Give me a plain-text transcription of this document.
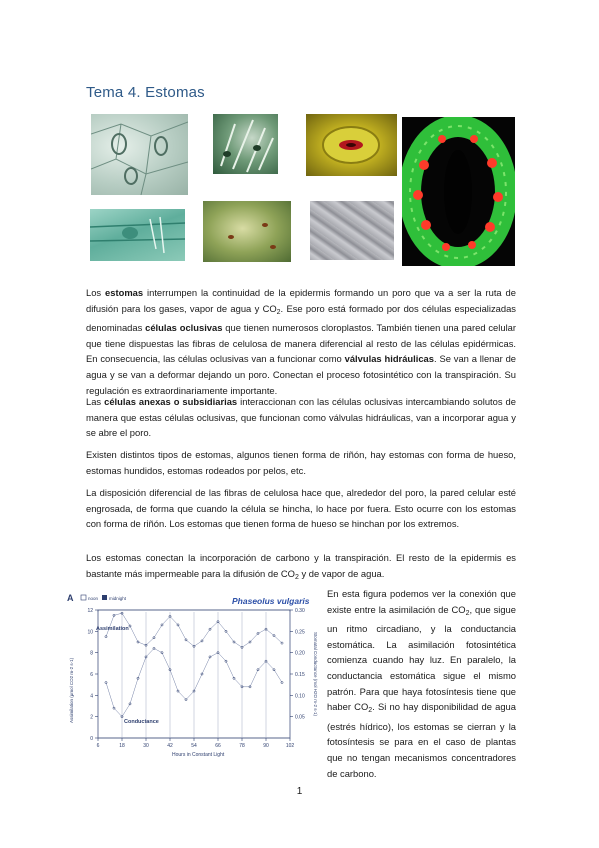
Tema 4. Estomas

Los estomas interrumpen la continuidad de la epidermis formando un poro que va a ser la ruta de difusión para los gases, vapor de agua y $CO_2$. Ese poro está formado por dos células especializadas denominadas células oclusivas que tienen numerosos cloroplastos. También tienen una pared celular que tiene dispuestas las fibras de celulosa de manera diferencial al resto de las células epidérmicas. En consecuencia, las células oclusivas van a funcionar como válvulas hidráulicas. Se van a llenar de agua y se van a deformar dejando un poro. Conectan el proceso fotosintético con la transpiración. Su regulación es extraordinariamente importante.

Las células anexas o subsidiarias interaccionan con las células oclusivas intercambiando solutos de manera que estas células oclusivas, que funcionan como válvulas hidráulicas, van a incorporar agua y se abre el poro.

Existen distintos tipos de estomas, algunos tienen forma de riñón, hay estomas con forma de hueso, estomas hundidos, estomas rodeados por pelos, etc.

La disposición diferencial de las fibras de celulosa hace que, alrededor del poro, la pared celular esté engrosada, de forma que cuando la célula se hincha, lo hace por fuera. Esto ocurre con los estomas con forma de riñón. Los estomas que tienen forma de hueso se hinchan por los extremos.

Los estomas conectan la incorporación de carbono y la transpiración. El resto de la epidermis es bastante más impermeable para la difusión de $CO_2$ y de vapor de agua.

A	noon midnight	Phaseolus vulgaris
Assimilation (μmol CO2 m-2 s-1)	Stomatal Conductance (mol H2O m-2 s-1)
Hours in Constant Light
Assimilation
Conductance
6	18	30	42	54	66	78	90	102
0
2
4
6
8
10
12
0.05
0.10
0.15
0.20
0.25
0.30

En esta figura podemos ver la conexión que existe entre la asimilación de $CO_2$, que sigue un ritmo circadiano, y la conductancia estomática. La asimilación fotosintética comienza cuando hay luz. En paralelo, la conductancia estomática sigue el mismo patrón. Para que haya fotosíntesis tiene que haber $CO_2$. Si no hay disponibilidad de agua (estrés hídrico), los estomas se cierran y la fotosíntesis se para en el caso de plantas que no tengan mecanismos concentradores de carbono.

1
